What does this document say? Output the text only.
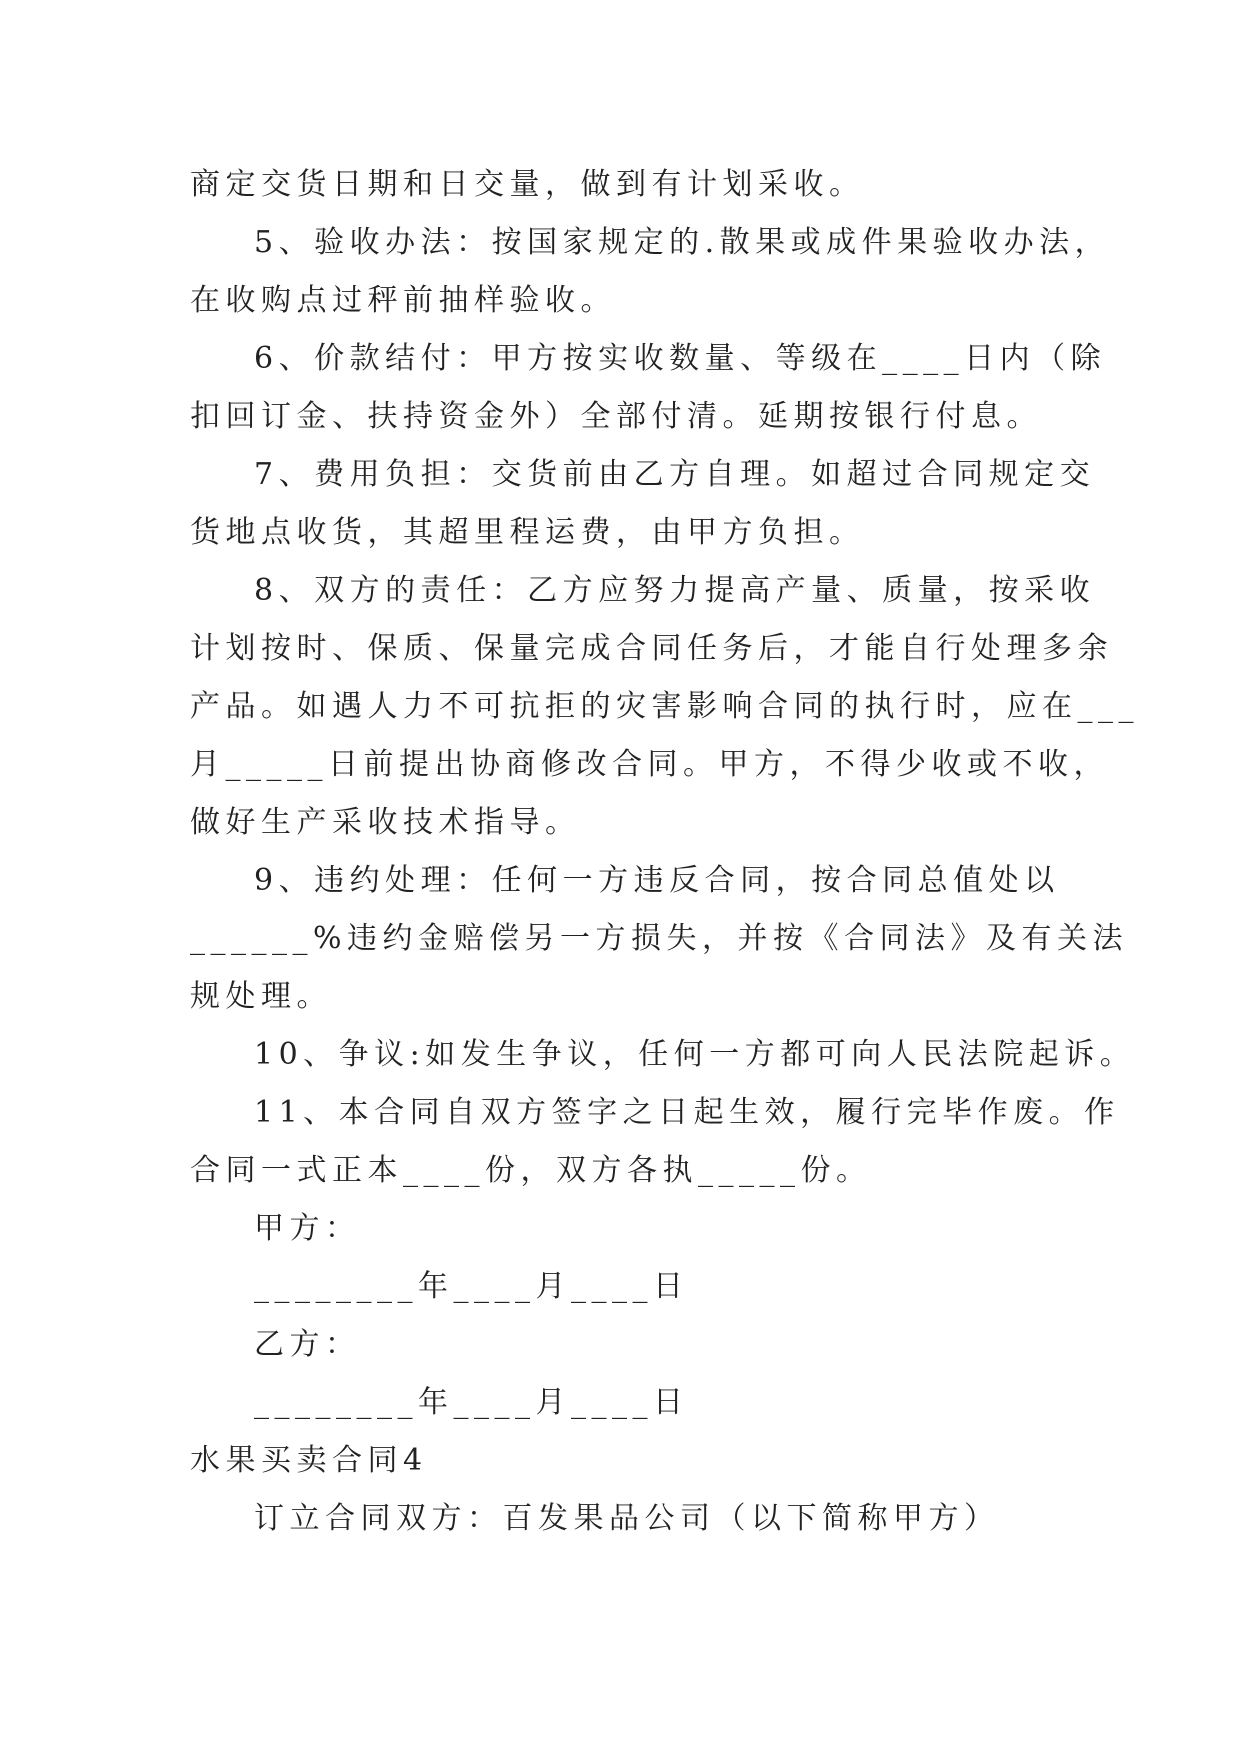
商定交货日期和日交量，做到有计划采收。

5、验收办法：按国家规定的.散果或成件果验收办法，

在收购点过秤前抽样验收。

6、价款结付：甲方按实收数量、等级在____日内（除

扣回订金、扶持资金外）全部付清。延期按银行付息。

7、费用负担：交货前由乙方自理。如超过合同规定交

货地点收货，其超里程运费，由甲方负担。

8、双方的责任：乙方应努力提高产量、质量，按采收

计划按时、保质、保量完成合同任务后，才能自行处理多余

产品。如遇人力不可抗拒的灾害影响合同的执行时，应在___

月_____日前提出协商修改合同。甲方，不得少收或不收，

做好生产采收技术指导。

9、违约处理：任何一方违反合同，按合同总值处以

______%违约金赔偿另一方损失，并按《合同法》及有关法

规处理。

10、争议:如发生争议，任何一方都可向人民法院起诉。

11、本合同自双方签字之日起生效，履行完毕作废。作

合同一式正本____份，双方各执_____份。

甲方：

________年____月____日

乙方：

________年____月____日

水果买卖合同4

订立合同双方：百发果品公司（以下简称甲方）
